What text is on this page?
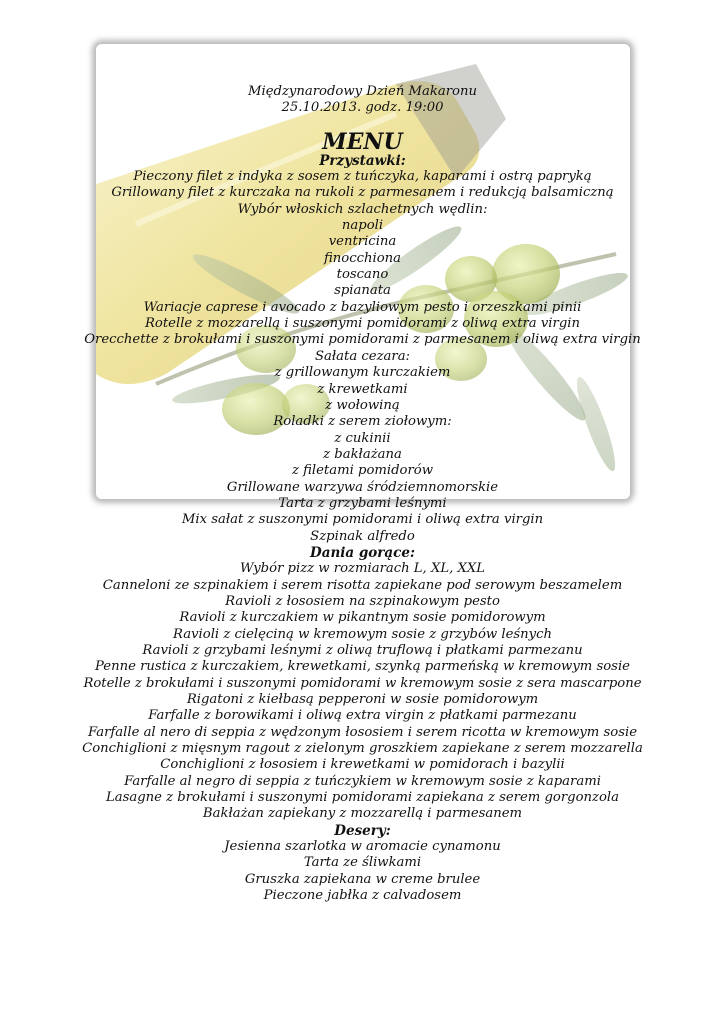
Międzynarodowy Dzień Makaronu
25.10.2013. godz. 19:00
MENU
Przystawki:
Pieczony filet z indyka z sosem z tuńczyka, kaparami i ostrą papryką
Grillowany filet z kurczaka na rukoli z parmesanem i redukcją balsamiczną
Wybór włoskich szlachetnych wędlin:
napoli
ventricina
finocchiona
toscano
spianata
Wariacje caprese i avocado z bazyliowym pesto i orzeszkami pinii
Rotelle z mozzarellą i suszonymi pomidorami z oliwą extra virgin
Orecchette z brokułami i suszonymi pomidorami z parmesanem i oliwą extra virgin
Sałata cezara:
z grillowanym kurczakiem
z krewetkami
z wołowiną
Roladki z serem ziołowym:
z cukinii
z bakłażana
z filetami pomidorów
Grillowane warzywa śródziemnomorskie
Tarta z grzybami leśnymi
Mix sałat z suszonymi pomidorami i oliwą extra virgin
Szpinak alfredo
Dania gorące:
Wybór pizz w rozmiarach L, XL, XXL
Canneloni ze szpinakiem i serem risotta zapiekane pod serowym beszamelem
Ravioli z łososiem na szpinakowym pesto
Ravioli z kurczakiem w pikantnym sosie pomidorowym
Ravioli z cielęciną w kremowym sosie z grzybów leśnych
Ravioli z grzybami leśnymi z oliwą truflową i płatkami parmezanu
Penne rustica z kurczakiem, krewetkami, szynką parmeńską w kremowym sosie
Rotelle z brokułami i suszonymi pomidorami w kremowym sosie z sera mascarpone
Rigatoni z kiełbasą pepperoni w sosie pomidorowym
Farfalle z borowikami i oliwą extra virgin z płatkami parmezanu
Farfalle al nero di seppia z wędzonym łososiem i serem ricotta w kremowym sosie
Conchiglioni z mięsnym ragout z zielonym groszkiem zapiekane z serem mozzarella
Conchiglioni z łososiem i krewetkami w pomidorach i bazylii
Farfalle al negro di seppia z tuńczykiem w kremowym sosie z kaparami
Lasagne z brokułami i suszonymi pomidorami zapiekana z serem gorgonzola
Bakłażan zapiekany z mozzarellą i parmesanem
Desery:
Jesienna szarlotka w aromacie cynamonu
Tarta ze śliwkami
Gruszka zapiekana w creme brulee
Pieczone jabłka z calvadosem
